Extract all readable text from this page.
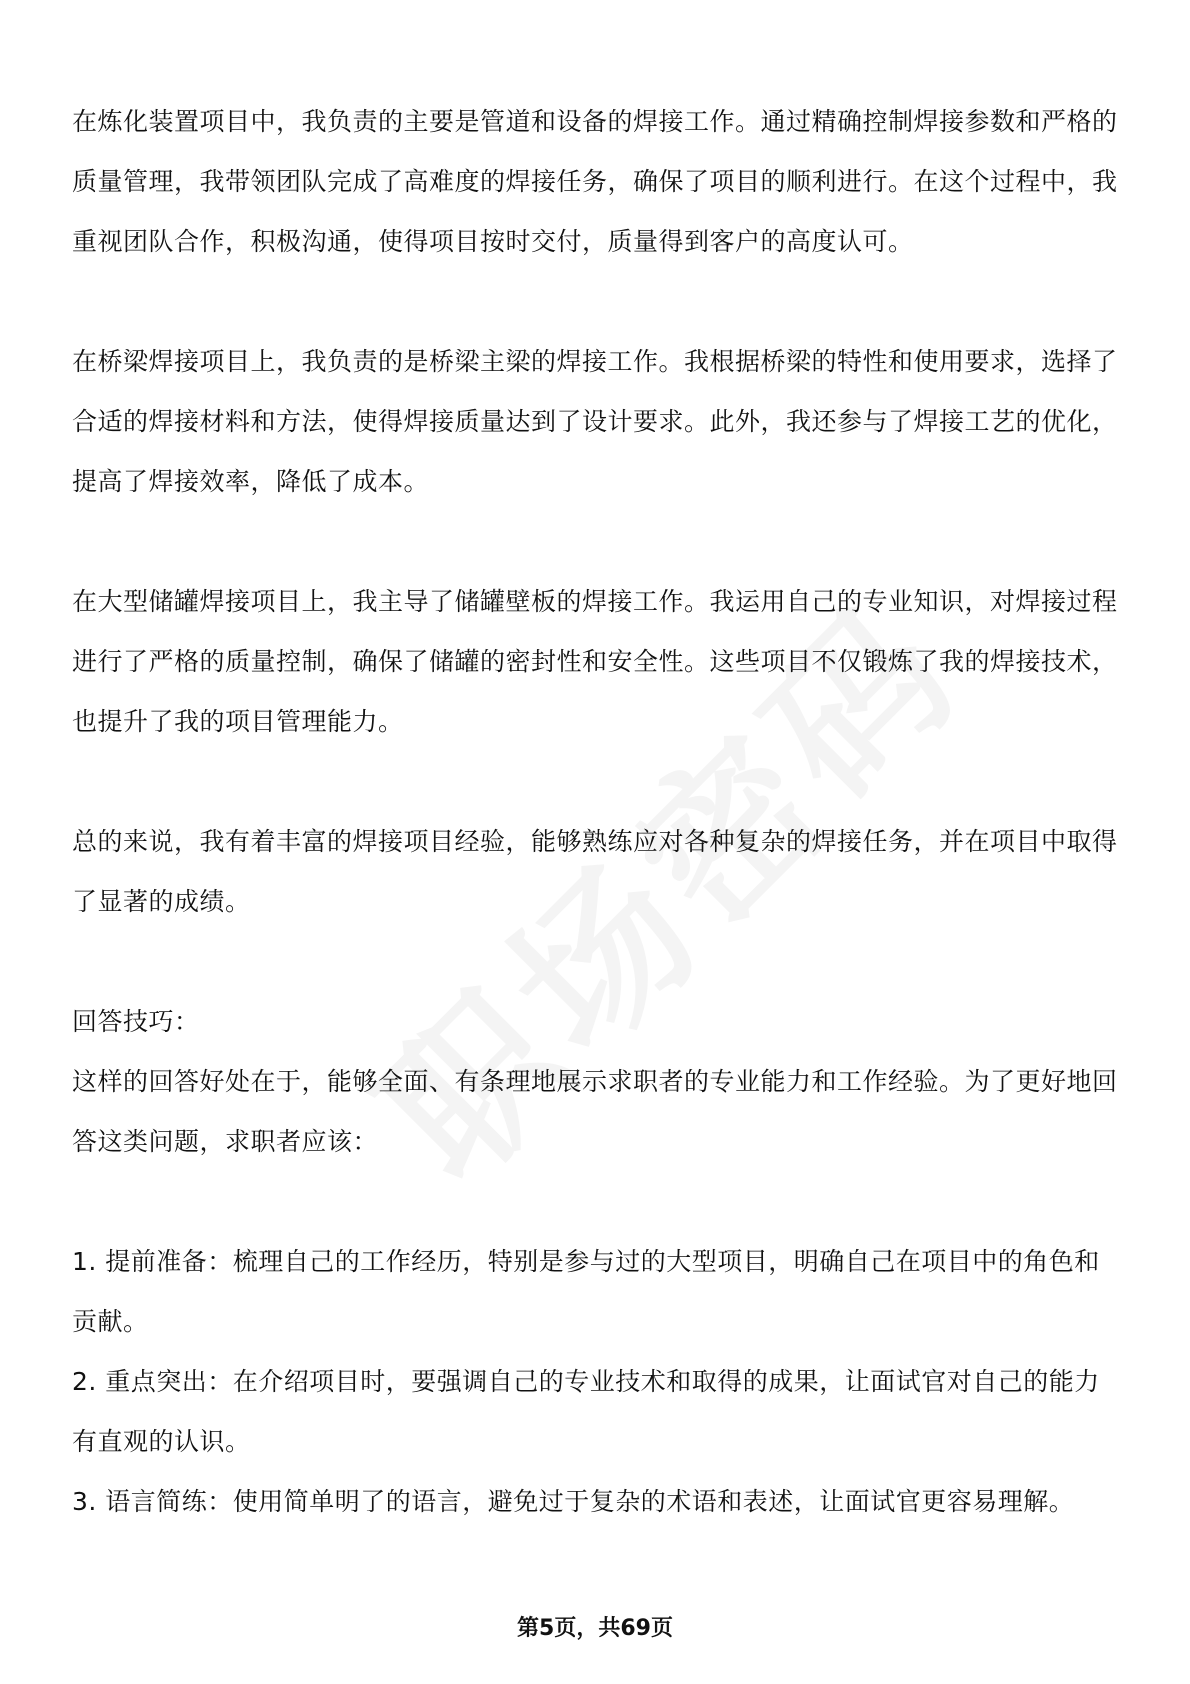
在炼化装置项目中，我负责的主要是管道和设备的焊接工作。通过精确控制焊接参数和严格的质量管理，我带领团队完成了高难度的焊接任务，确保了项目的顺利进行。在这个过程中，我重视团队合作，积极沟通，使得项目按时交付，质量得到客户的高度认可。

在桥梁焊接项目上，我负责的是桥梁主梁的焊接工作。我根据桥梁的特性和使用要求，选择了合适的焊接材料和方法，使得焊接质量达到了设计要求。此外，我还参与了焊接工艺的优化，提高了焊接效率，降低了成本。

在大型储罐焊接项目上，我主导了储罐壁板的焊接工作。我运用自己的专业知识，对焊接过程进行了严格的质量控制，确保了储罐的密封性和安全性。这些项目不仅锻炼了我的焊接技术，也提升了我的项目管理能力。

总的来说，我有着丰富的焊接项目经验，能够熟练应对各种复杂的焊接任务，并在项目中取得了显著的成绩。

回答技巧：

这样的回答好处在于，能够全面、有条理地展示求职者的专业能力和工作经验。为了更好地回答这类问题，求职者应该：

1. 提前准备：梳理自己的工作经历，特别是参与过的大型项目，明确自己在项目中的角色和贡献。

2. 重点突出：在介绍项目时，要强调自己的专业技术和取得的成果，让面试官对自己的能力有直观的认识。

3. 语言简练：使用简单明了的语言，避免过于复杂的术语和表述，让面试官更容易理解。

第5页，共69页
